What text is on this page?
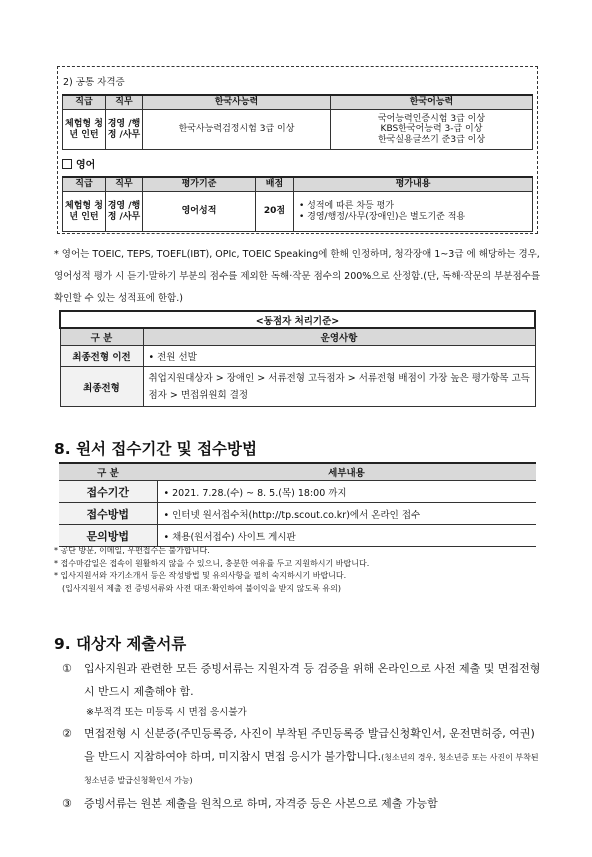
2) 공통 자격증
직급	직무	한국사능력	한국어능력
체험형 청년 인턴	경영 /행정 /사무	한국사능력검정시험 3급 이상	국어능력인증시험 3급 이상
KBS한국어능력 3-급 이상
한국실용글쓰기 준3급 이상
영어
직급	직무	평가기준	배점	평가내용
체험형 청년 인턴	경영 /행정 /사무	영어성적	20점	• 성적에 따른 차등 평가
• 경영/행정/사무(장애인)은 별도기준 적용
* 영어는 TOEIC, TEPS, TOEFL(IBT), OPIc, TOEIC Speaking에 한해 인정하며, 청각장애 1~3급 에 해당하는 경우, 영어성적 평가 시 듣기·말하기 부분의 점수를 제외한 독해·작문 점수의 200%으로 산정함.(단, 독해·작문의 부분점수를 확인할 수 있는 성적표에 한함.)
<동점자 처리기준>	
구 분	운영사항
최종전형 이전	• 전원 선발
최종전형	취업지원대상자 > 장애인 > 서류전형 고득점자 > 서류전형 배점이 가장 높은 평가항목 고득점자 > 면접위원회 결정
8. 원서 접수기간 및 접수방법
구 분	세부내용
접수기간	• 2021. 7.28.(수) ~ 8. 5.(목) 18:00 까지
접수방법	• 인터넷 원서접수처(http://tp.scout.co.kr)에서 온라인 접수
문의방법	• 채용(원서접수) 사이트 게시판
* 공단 방문, 이메일, 우편접수는 불가합니다.
* 접수마감일은 접속이 원활하지 않을 수 있으니, 충분한 여유를 두고 지원하시기 바랍니다.
* 입사지원서와 자기소개서 등은 작성방법 및 유의사항을 필히 숙지하시기 바랍니다.
(입사지원서 제출 전 증빙서류와 사전 대조·확인하여 불이익을 받지 않도록 유의)
9. 대상자 제출서류
①	입사지원과 관련한 모든 증빙서류는 지원자격 등 검증을 위해 온라인으로 사전 제출 및 면접전형 시 반드시 제출해야 함.
※부적격 또는 미등록 시 면접 응시불가
②	면접전형 시 신분증(주민등록증, 사진이 부착된 주민등록증 발급신청확인서, 운전면허증, 여권)을 반드시 지참하여야 하며, 미지참시 면접 응시가 불가합니다.(청소년의 경우, 청소년증 또는 사진이 부착된 청소년증 발급신청확인서 가능)
③	증빙서류는 원본 제출을 원칙으로 하며, 자격증 등은 사본으로 제출 가능함
